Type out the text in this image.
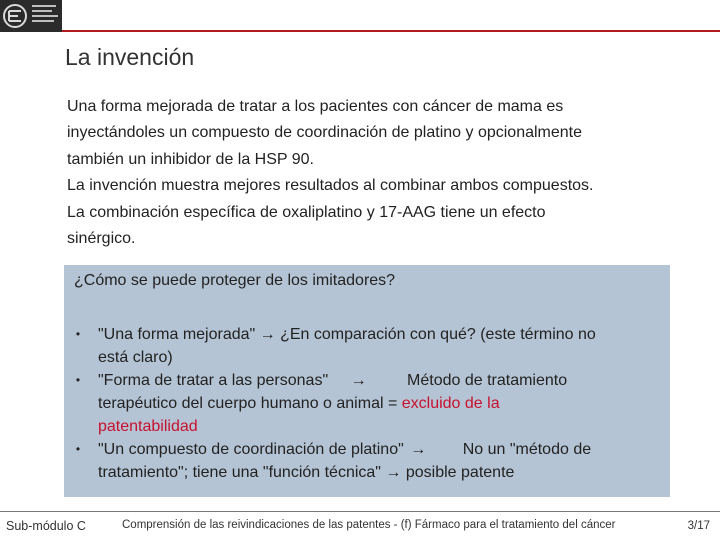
La invención
Una forma mejorada de tratar a los pacientes con cáncer de mama es
inyectándoles un compuesto de coordinación de platino y opcionalmente
también un inhibidor de la HSP 90.
La invención muestra mejores resultados al combinar ambos compuestos.
La combinación específica de oxaliplatino y 17-AAG tiene un efecto
sinérgico.
¿Cómo se puede proteger de los imitadores?
• "Una forma mejorada" → ¿En comparación con qué? (este término no
está claro)
• "Forma de tratar a las personas" →	Método de tratamiento
terapéutico del cuerpo humano o animal = excluido de la
patentabilidad
• "Un compuesto de coordinación de platino" → No un "método de
tratamiento"; tiene una "función técnica" → posible patente
Sub-módulo C	Comprensión de las reivindicaciones de las patentes - (f) Fármaco para el tratamiento del cáncer	3/17
